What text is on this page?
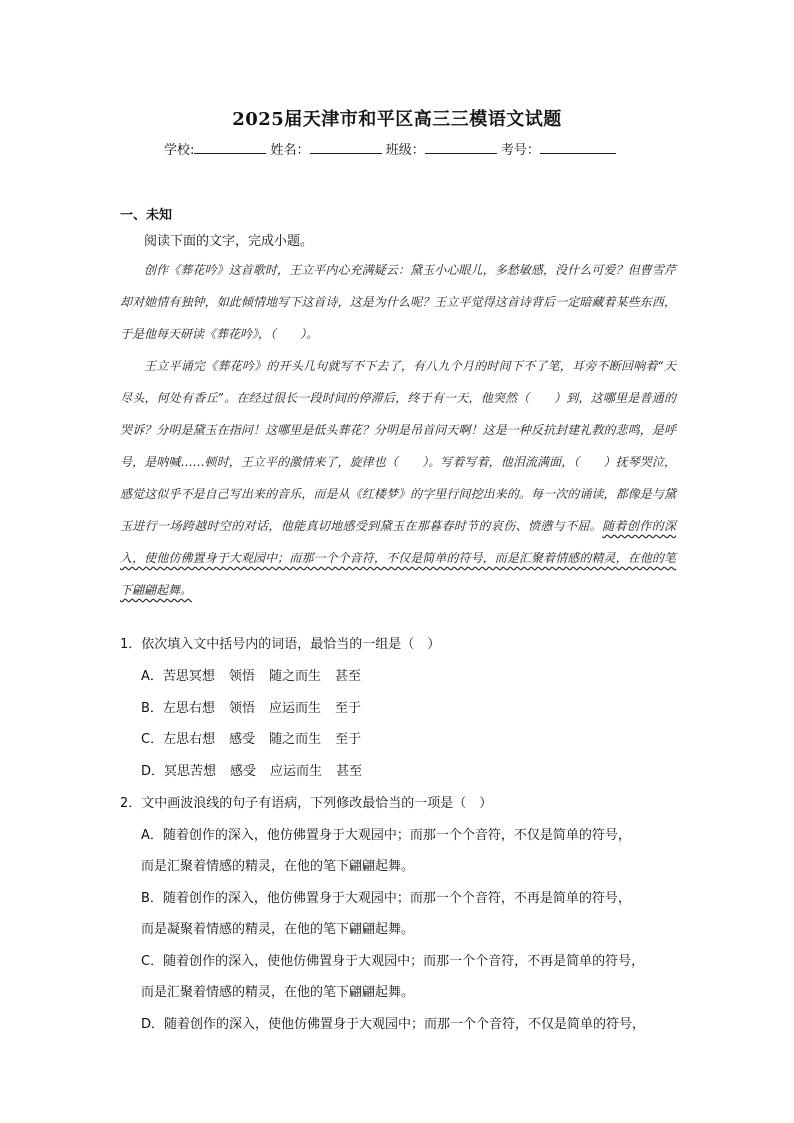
2025届天津市和平区高三三模语文试题
学校:	姓名：	班级：	考号：
一、未知
阅读下面的文字，完成小题。

创作《葬花吟》这首歌时，王立平内心充满疑云：黛玉小心眼儿，多愁敏感，没什么可爱？但曹雪芹却对她情有独钟，如此倾情地写下这首诗，这是为什么呢？王立平觉得这首诗背后一定暗藏着某些东西，于是他每天研读《葬花吟》，（　　）。

王立平诵完《葬花吟》的开头几句就写不下去了，有八九个月的时间下不了笔，耳旁不断回响着“天尽头，何处有香丘”。在经过很长一段时间的停滞后，终于有一天，他突然（　　）到，这哪里是普通的哭诉？分明是黛玉在指问！这哪里是低头葬花？分明是吊首问天啊！这是一种反抗封建礼教的悲鸣，是呼号，是呐喊……顿时，王立平的激情来了，旋律也（　　）。写着写着，他泪流满面，（　　）抚琴哭泣，感觉这似乎不是自己写出来的音乐，而是从《红楼梦》的字里行间挖出来的。每一次的诵读，都像是与黛玉进行一场跨越时空的对话，他能真切地感受到黛玉在那暮春时节的哀伤、愤懑与不屈。随着创作的深入，使他仿佛置身于大观园中；而那一个个音符，不仅是简单的符号，而是汇聚着情感的精灵，在他的笔下翩翩起舞。

1．依次填入文中括号内的词语，最恰当的一组是（　）
A．苦思冥想 领悟 随之而生 甚至
B．左思右想 领悟 应运而生 至于
C．左思右想 感受 随之而生 至于
D．冥思苦想 感受 应运而生 甚至
2．文中画波浪线的句子有语病，下列修改最恰当的一项是（　）
A．随着创作的深入，他仿佛置身于大观园中；而那一个个音符，不仅是简单的符号，
而是汇聚着情感的精灵，在他的笔下翩翩起舞。
B．随着创作的深入，他仿佛置身于大观园中；而那一个个音符，不再是简单的符号，
而是凝聚着情感的精灵，在他的笔下翩翩起舞。
C．随着创作的深入，使他仿佛置身于大观园中；而那一个个音符，不再是简单的符号，
而是汇聚着情感的精灵，在他的笔下翩翩起舞。
D．随着创作的深入，使他仿佛置身于大观园中；而那一个个音符，不仅是简单的符号，
